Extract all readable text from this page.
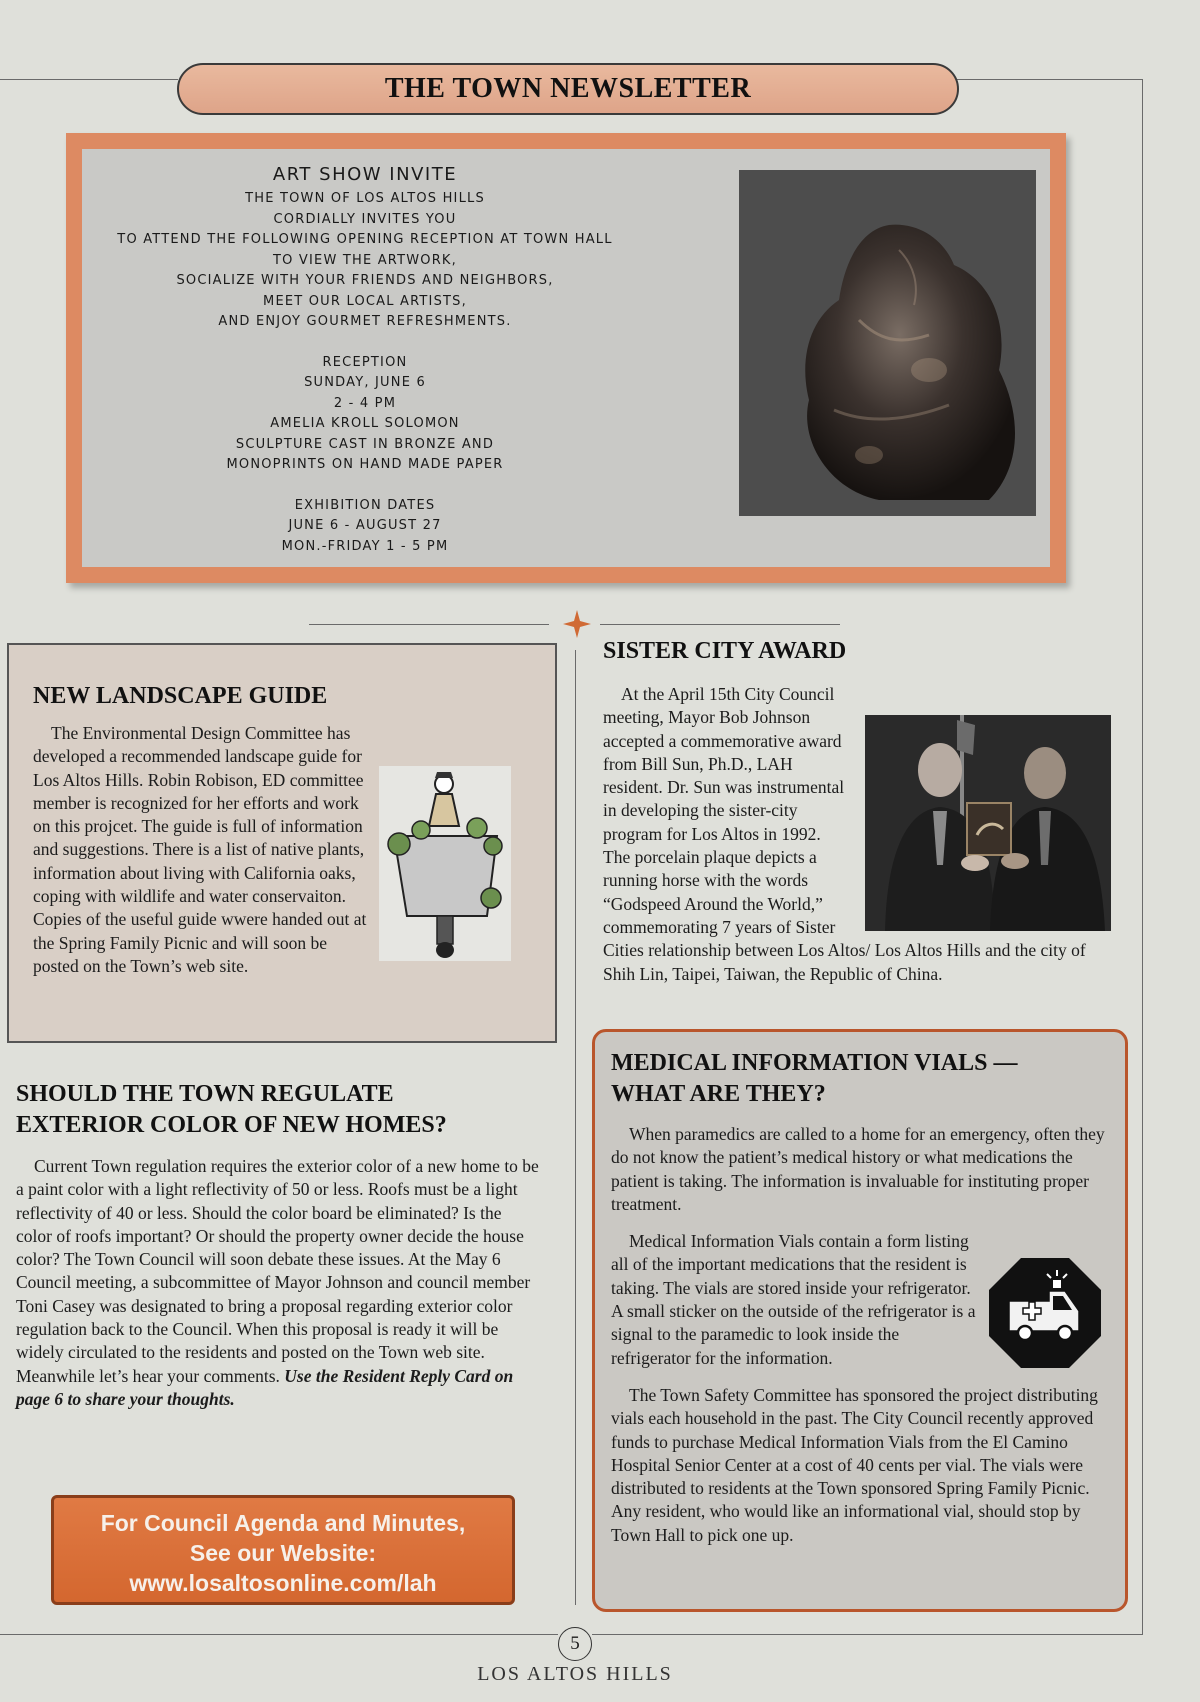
THE TOWN NEWSLETTER
ART SHOW INVITE
THE TOWN OF LOS ALTOS HILLS
CORDIALLY INVITES YOU
TO ATTEND THE FOLLOWING OPENING RECEPTION AT TOWN HALL
TO VIEW THE ARTWORK,
SOCIALIZE WITH YOUR FRIENDS AND NEIGHBORS,
MEET OUR LOCAL ARTISTS,
AND ENJOY GOURMET REFRESHMENTS.
RECEPTION
SUNDAY, JUNE 6
2 - 4 PM
AMELIA KROLL SOLOMON
SCULPTURE CAST IN BRONZE AND
MONOPRINTS ON HAND MADE PAPER
EXHIBITION DATES
JUNE 6 - AUGUST 27
MON.-FRIDAY 1 - 5 PM
NEW LANDSCAPE GUIDE

The Environmental Design Committee has developed a recommended landscape guide for Los Altos Hills. Robin Robison, ED committee member is recognized for her efforts and work on this projcet. The guide is full of information and suggestions. There is a list of native plants, information about living with California oaks, coping with wildlife and water conservaiton. Copies of the useful guide wwere handed out at the Spring Family Picnic and will soon be posted on the Town’s web site.

SHOULD THE TOWN REGULATE
EXTERIOR COLOR OF NEW HOMES?

Current Town regulation requires the exterior color of a new home to be a paint color with a light reflectivity of 50 or less. Roofs must be a light reflectivity of 40 or less. Should the color board be eliminated? Is the color of roofs important? Or should the property owner decide the house color? The Town Council will soon debate these issues. At the May 6 Council meeting, a subcommittee of Mayor Johnson and council member Toni Casey was designated to bring a proposal regarding exterior color regulation back to the Council. When this proposal is ready it will be widely circulated to the residents and posted on the Town web site. Meanwhile let’s hear your comments. Use the Resident Reply Card on page 6 to share your thoughts.

For Council Agenda and Minutes,
See our Website:
www.losaltosonline.com/lah
SISTER CITY AWARD

At the April 15th City Council meeting, Mayor Bob Johnson accepted a commemorative award from Bill Sun, Ph.D., LAH resident. Dr. Sun was instrumental in developing the sister-city program for Los Altos in 1992. The porcelain plaque depicts a running horse with the words “Godspeed Around the World,” commemorating 7 years of Sister Cities relationship between Los Altos/ Los Altos Hills and the city of Shih Lin, Taipei, Taiwan, the Republic of China.

MEDICAL INFORMATION VIALS —
WHAT ARE THEY?

When paramedics are called to a home for an emergency, often they do not know the patient’s medical history or what medications the patient is taking. The information is invaluable for instituting proper treatment.

Medical Information Vials contain a form listing all of the important medications that the resident is taking. The vials are stored inside your refrigerator. A small sticker on the outside of the refrigerator is a signal to the paramedic to look inside the refrigerator for the information.

The Town Safety Committee has sponsored the project distributing vials each household in the past. The City Council recently approved funds to purchase Medical Information Vials from the El Camino Hospital Senior Center at a cost of 40 cents per vial. The vials were distributed to residents at the Town sponsored Spring Family Picnic. Any resident, who would like an informational vial, should stop by Town Hall to pick one up.

5
LOS ALTOS HILLS
